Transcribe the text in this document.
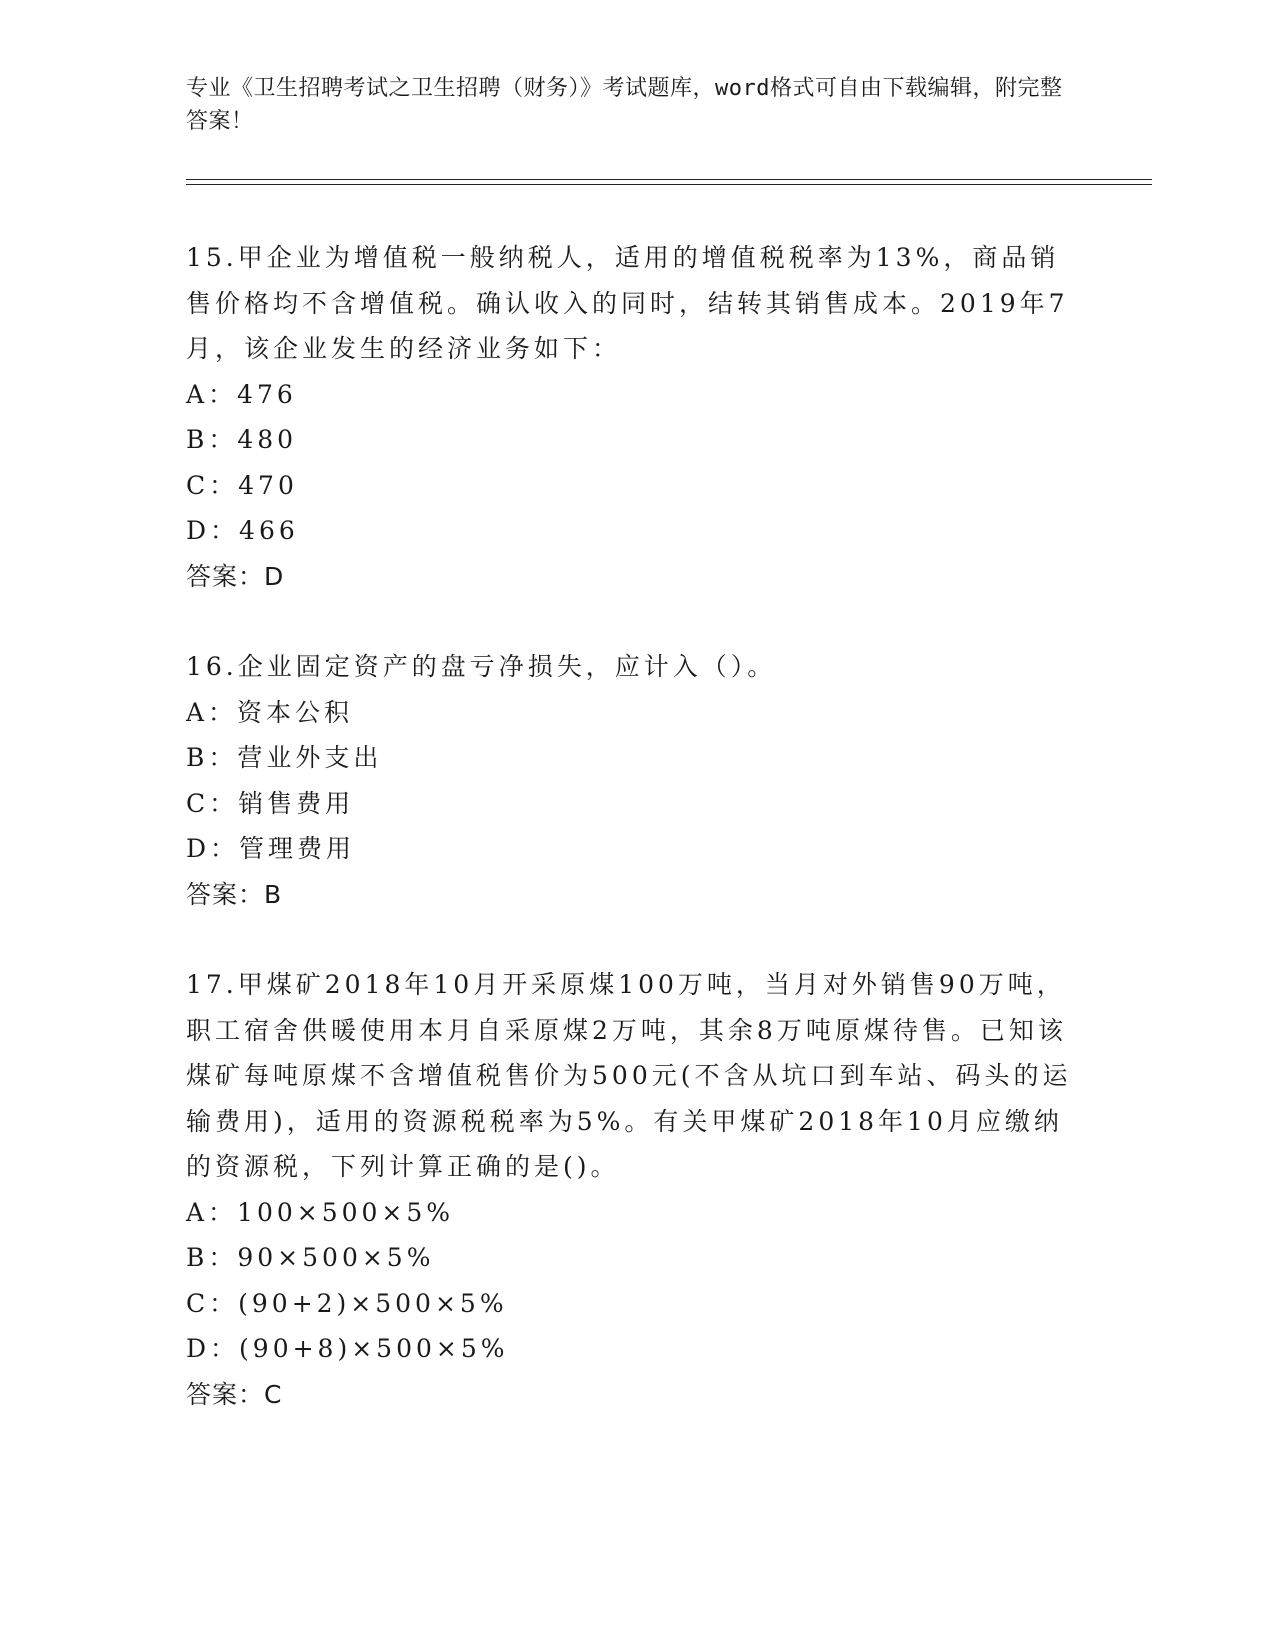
专业《卫生招聘考试之卫生招聘（财务）》考试题库，word格式可自由下载编辑，附完整答案！
15.甲企业为增值税一般纳税人，适用的增值税税率为13%，商品销售价格均不含增值税。确认收入的同时，结转其销售成本。2019年7月，该企业发生的经济业务如下：
A：476
B：480
C：470
D：466
答案：D
16.企业固定资产的盘亏净损失，应计入（）。
A：资本公积
B：营业外支出
C：销售费用
D：管理费用
答案：B
17.甲煤矿2018年10月开采原煤100万吨，当月对外销售90万吨，职工宿舍供暖使用本月自采原煤2万吨，其余8万吨原煤待售。已知该煤矿每吨原煤不含增值税售价为500元(不含从坑口到车站、码头的运输费用)，适用的资源税税率为5%。有关甲煤矿2018年10月应缴纳的资源税，下列计算正确的是()。
A：100×500×5%
B：90×500×5%
C：(90+2)×500×5%
D：(90+8)×500×5%
答案：C
